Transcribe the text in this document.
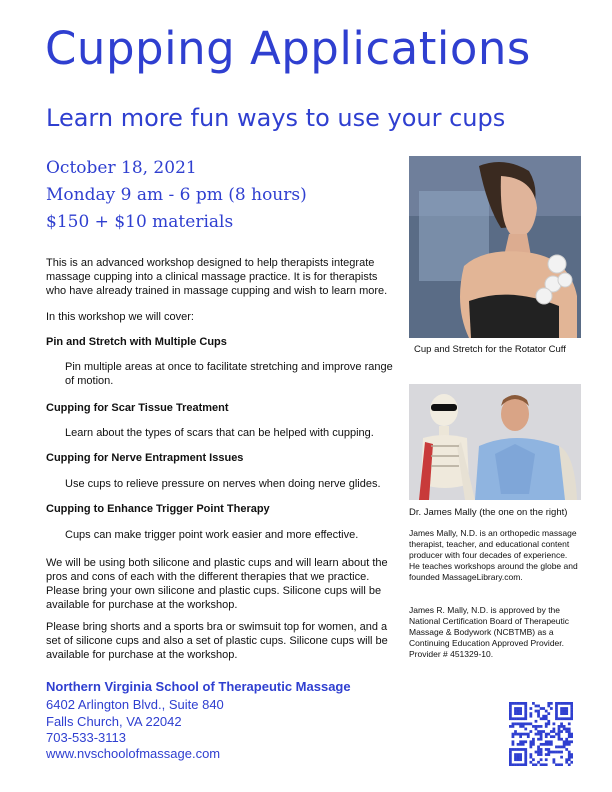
Cupping Applications
Learn more fun ways to use your cups
October 18, 2021
Monday 9 am - 6 pm (8 hours)
$150 + $10 materials
This is an advanced workshop designed to help therapists integrate massage cupping into a clinical massage practice. It is for therapists who have already trained in massage cupping and wish to learn more.
In this workshop we will cover:
Pin and Stretch with Multiple Cups
Pin multiple areas at once to facilitate stretching and improve range of motion.
Cupping for Scar Tissue Treatment
Learn about the types of scars that can be helped with cupping.
Cupping for Nerve Entrapment Issues
Use cups to relieve pressure on nerves when doing nerve glides.
Cupping to Enhance Trigger Point Therapy
Cups can make trigger point work easier and more effective.
We will be using both silicone and plastic cups and will learn about the pros and cons of each with the different therapies that we practice. Please bring your own silicone and plastic cups. Silicone cups will be available for purchase at the workshop.
Please bring shorts and a sports bra or swimsuit top for women, and a set of silicone cups and also a set of plastic cups. Silicone cups will be available for purchase at the workshop.
Northern Virginia School of Therapeutic Massage
6402 Arlington Blvd., Suite 840
Falls Church, VA 22042
703-533-3113
www.nvschoolofmassage.com
Cup and Stretch for the Rotator Cuff
Dr. James Mally (the one on the right)
James Mally, N.D. is an orthopedic massage therapist, teacher, and educational content producer with four decades of experience. He teaches workshops around the globe and founded MassageLibrary.com.
James R. Mally, N.D. is approved by the National Certification Board of Therapeutic Massage & Bodywork (NCBTMB) as a Continuing Education Approved Provider. Provider # 451329-10.
